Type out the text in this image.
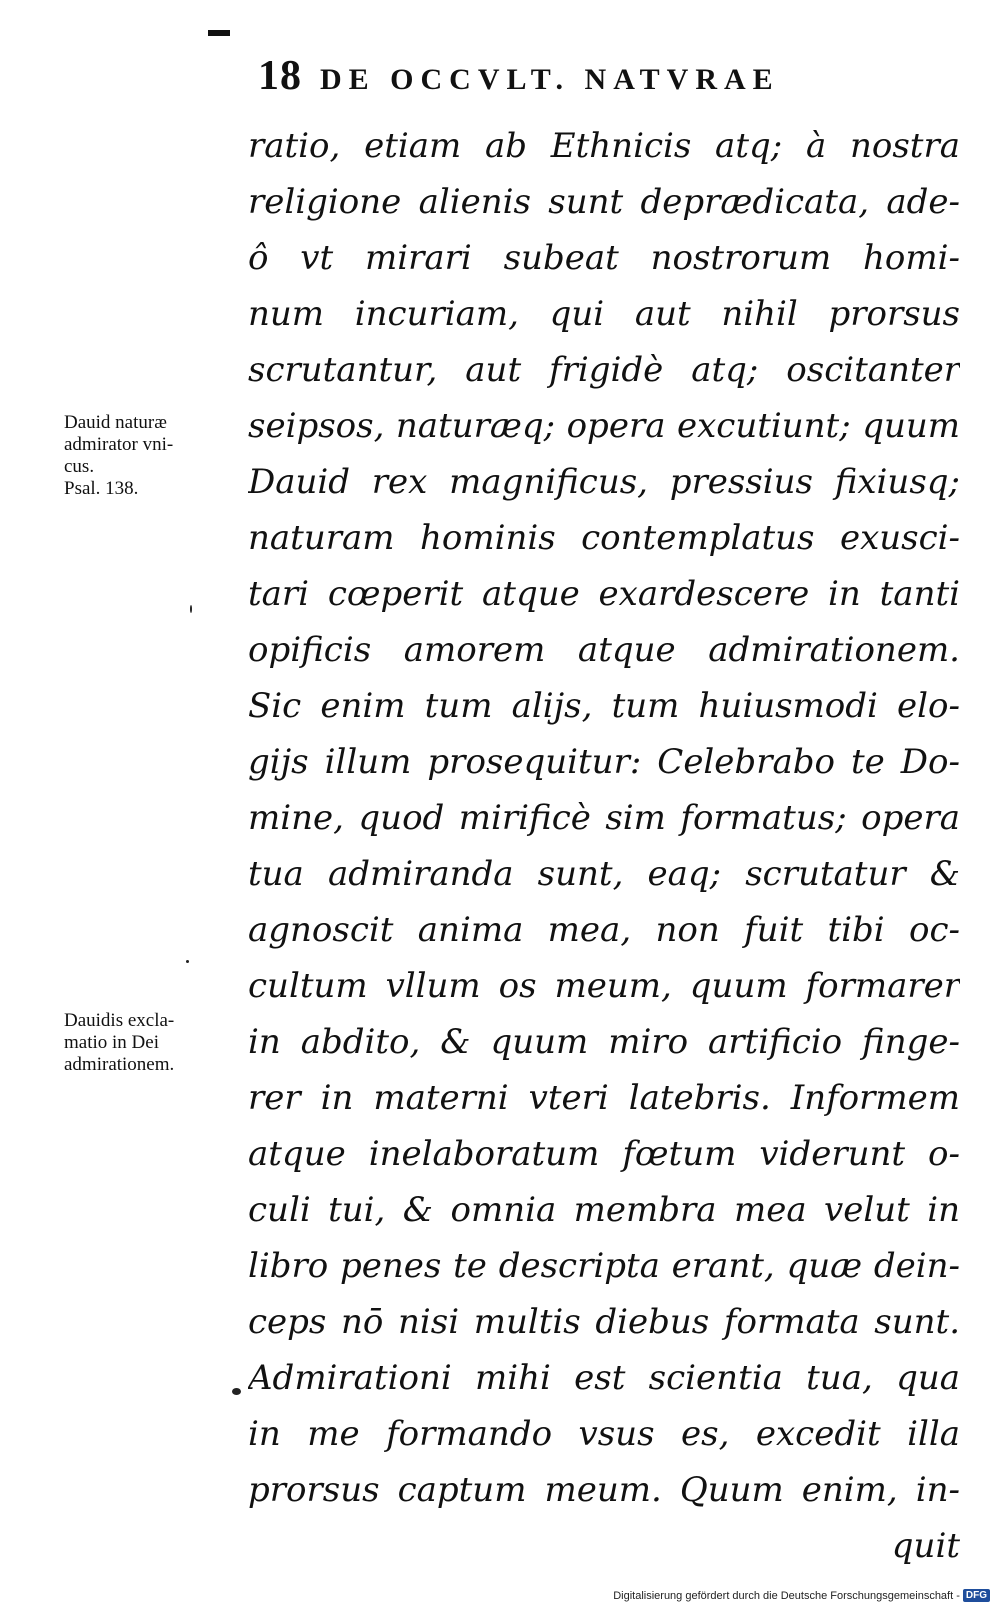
18 DE OCCVLT. NATVRAE
ratio, etiam ab Ethnicis atq; à nostra
religione alienis sunt deprædicata, ade-
ô vt mirari subeat nostrorum homi-
num incuriam, qui aut nihil prorsus
scrutantur, aut frigidè atq; oscitanter
seipsos, naturæq; opera excutiunt; quum
Dauid rex magnificus, pressius fixiusq;
naturam hominis contemplatus exusci-
tari cœperit atque exardescere in tanti
opificis amorem atque admirationem.
Sic enim tum alijs, tum huiusmodi elo-
gijs illum prosequitur: Celebrabo te Do-
mine, quod mirificè sim formatus; opera
tua admiranda sunt, eaq; scrutatur &
agnoscit anima mea, non fuit tibi oc-
cultum vllum os meum, quum formarer
in abdito, & quum miro artificio finge-
rer in materni vteri latebris. Informem
atque inelaboratum fœtum viderunt o-
culi tui, & omnia membra mea velut in
libro penes te descripta erant, quæ dein-
ceps nō nisi multis diebus formata sunt.
Admirationi mihi est scientia tua, qua
in me formando vsus es, excedit illa
prorsus captum meum. Quum enim, in-
quit
Dauid naturæ
admirator vni-
cus.
Psal. 138.
Dauidis excla-
matio in Dei
admirationem.
Digitalisierung gefördert durch die Deutsche Forschungsgemeinschaft - DFG
